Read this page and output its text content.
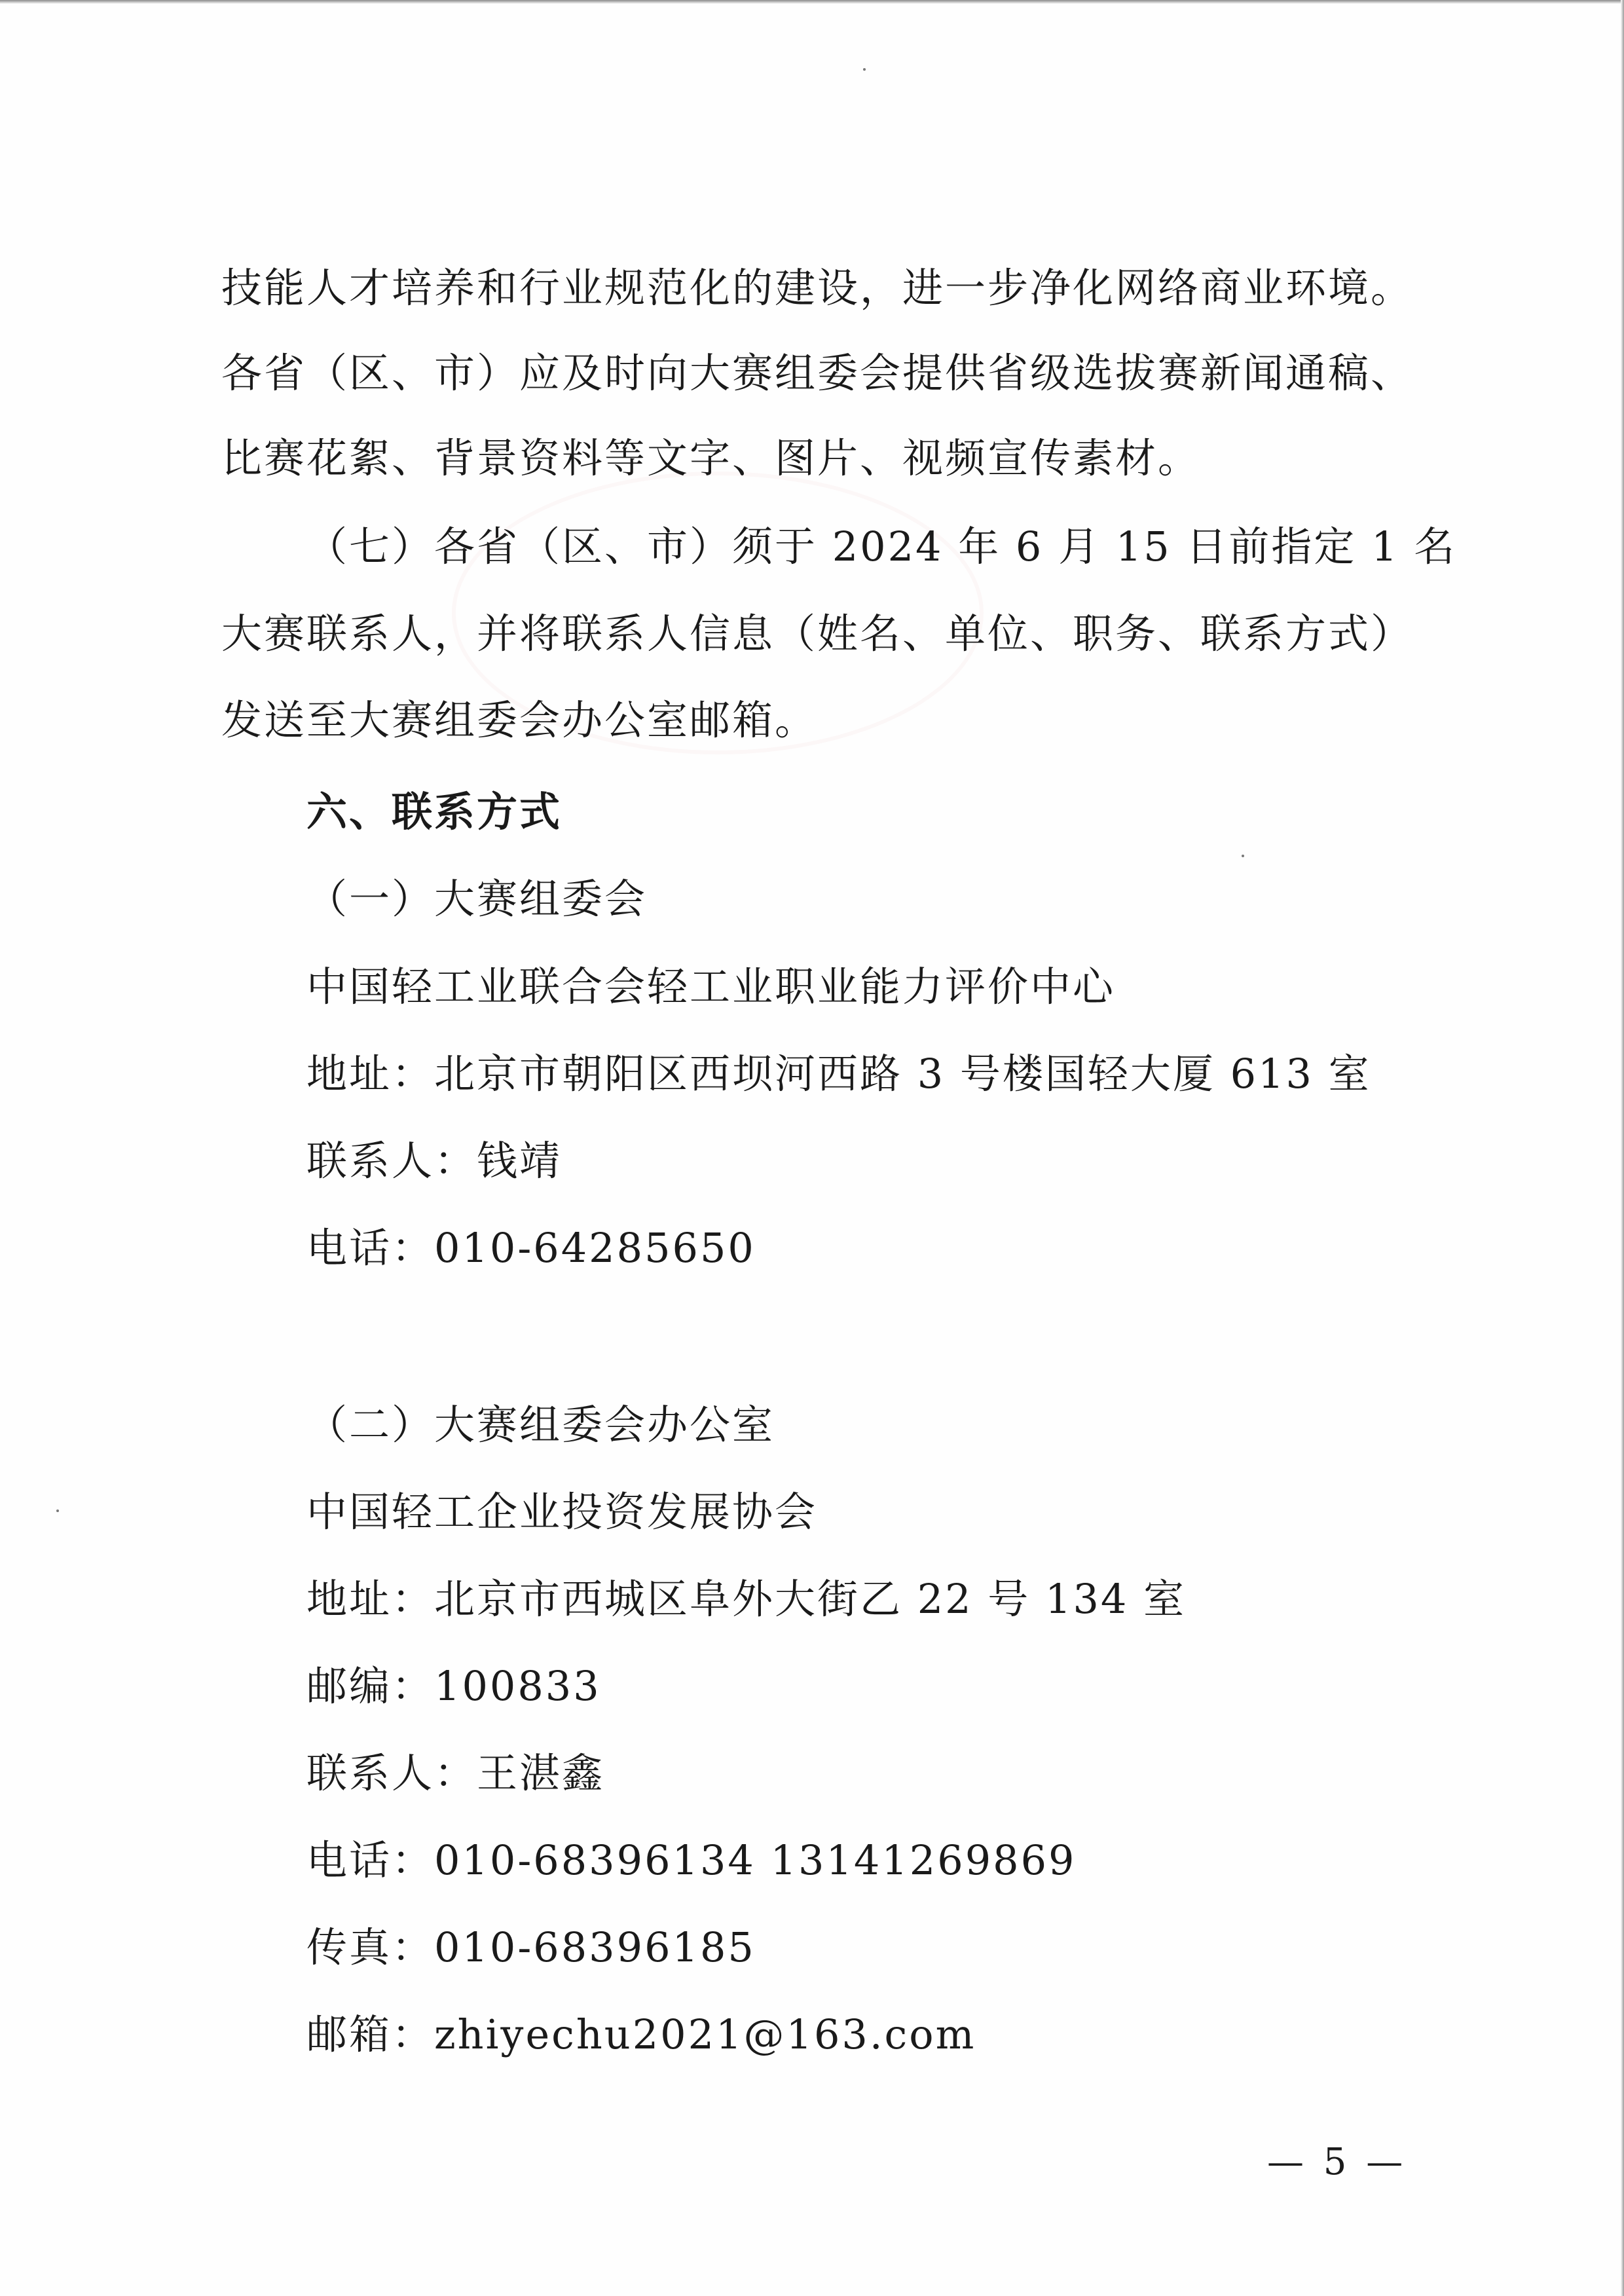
技能人才培养和行业规范化的建设，进一步净化网络商业环境。
各省（区、市）应及时向大赛组委会提供省级选拔赛新闻通稿、
比赛花絮、背景资料等文字、图片、视频宣传素材。
（七）各省（区、市）须于 2024 年 6 月 15 日前指定 1 名
大赛联系人，并将联系人信息（姓名、单位、职务、联系方式）
发送至大赛组委会办公室邮箱。
六、联系方式
（一）大赛组委会
中国轻工业联合会轻工业职业能力评价中心
地址：北京市朝阳区西坝河西路 3 号楼国轻大厦 613 室
联系人：钱靖
电话：010-64285650
（二）大赛组委会办公室
中国轻工企业投资发展协会
地址：北京市西城区阜外大街乙 22 号 134 室
邮编：100833
联系人：王湛鑫
电话：010-68396134 13141269869
传真：010-68396185
邮箱：zhiyechu2021@163.com
— 5 —
